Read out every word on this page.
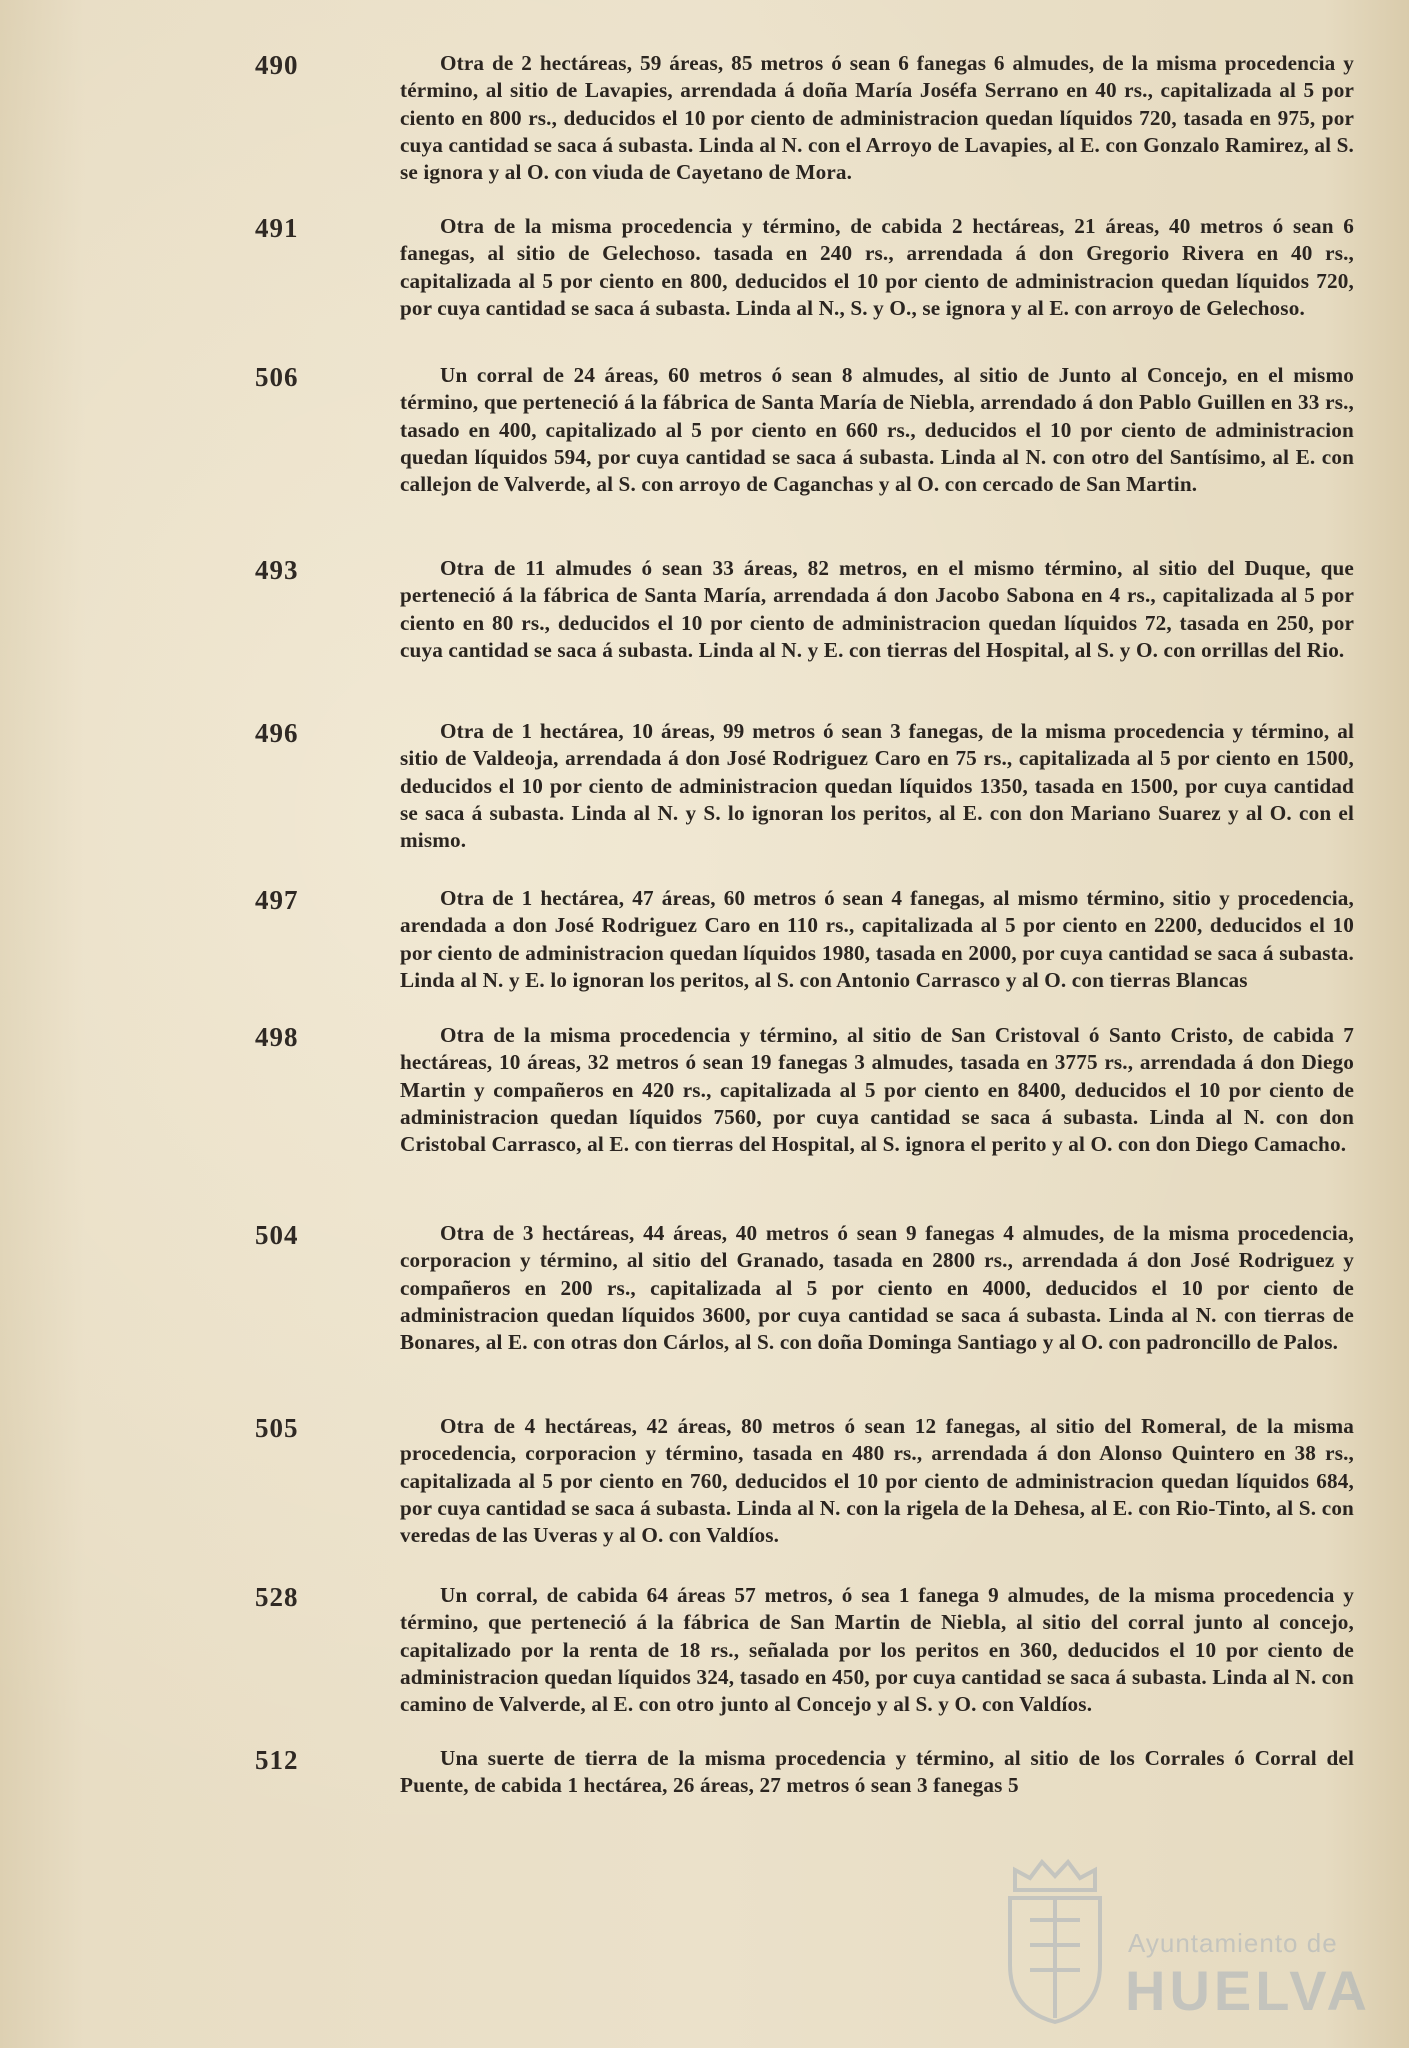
490	Otra de 2 hectáreas, 59 áreas, 85 metros ó sean 6 fanegas 6 almudes, de la misma procedencia y término, al sitio de Lavapies, arrendada á doña María Joséfa Serrano en 40 rs., capitalizada al 5 por ciento en 800 rs., deducidos el 10 por ciento de administracion quedan líquidos 720, tasada en 975, por cuya cantidad se saca á subasta. Linda al N. con el Arroyo de Lavapies, al E. con Gonzalo Ramirez, al S. se ignora y al O. con viuda de Cayetano de Mora.
491	Otra de la misma procedencia y término, de cabida 2 hectáreas, 21 áreas, 40 metros ó sean 6 fanegas, al sitio de Gelechoso. tasada en 240 rs., arrendada á don Gregorio Rivera en 40 rs., capitalizada al 5 por ciento en 800, deducidos el 10 por ciento de administracion quedan líquidos 720, por cuya cantidad se saca á subasta. Linda al N., S. y O., se ignora y al E. con arroyo de Gelechoso.
506	Un corral de 24 áreas, 60 metros ó sean 8 almudes, al sitio de Junto al Concejo, en el mismo término, que perteneció á la fábrica de Santa María de Niebla, arrendado á don Pablo Guillen en 33 rs., tasado en 400, capitalizado al 5 por ciento en 660 rs., deducidos el 10 por ciento de administracion quedan líquidos 594, por cuya cantidad se saca á subasta. Linda al N. con otro del Santísimo, al E. con callejon de Valverde, al S. con arroyo de Caganchas y al O. con cercado de San Martin.
493	Otra de 11 almudes ó sean 33 áreas, 82 metros, en el mismo término, al sitio del Duque, que perteneció á la fábrica de Santa María, arrendada á don Jacobo Sabona en 4 rs., capitalizada al 5 por ciento en 80 rs., deducidos el 10 por ciento de administracion quedan líquidos 72, tasada en 250, por cuya cantidad se saca á subasta. Linda al N. y E. con tierras del Hospital, al S. y O. con orrillas del Rio.
496	Otra de 1 hectárea, 10 áreas, 99 metros ó sean 3 fanegas, de la misma procedencia y término, al sitio de Valdeoja, arrendada á don José Rodriguez Caro en 75 rs., capitalizada al 5 por ciento en 1500, deducidos el 10 por ciento de administracion quedan líquidos 1350, tasada en 1500, por cuya cantidad se saca á subasta. Linda al N. y S. lo ignoran los peritos, al E. con don Mariano Suarez y al O. con el mismo.
497	Otra de 1 hectárea, 47 áreas, 60 metros ó sean 4 fanegas, al mismo término, sitio y procedencia, arendada a don José Rodriguez Caro en 110 rs., capitalizada al 5 por ciento en 2200, deducidos el 10 por ciento de administracion quedan líquidos 1980, tasada en 2000, por cuya cantidad se saca á subasta. Linda al N. y E. lo ignoran los peritos, al S. con Antonio Carrasco y al O. con tierras Blancas
498	Otra de la misma procedencia y término, al sitio de San Cristoval ó Santo Cristo, de cabida 7 hectáreas, 10 áreas, 32 metros ó sean 19 fanegas 3 almudes, tasada en 3775 rs., arrendada á don Diego Martin y compañeros en 420 rs., capitalizada al 5 por ciento en 8400, deducidos el 10 por ciento de administracion quedan líquidos 7560, por cuya cantidad se saca á subasta. Linda al N. con don Cristobal Carrasco, al E. con tierras del Hospital, al S. ignora el perito y al O. con don Diego Camacho.
504	Otra de 3 hectáreas, 44 áreas, 40 metros ó sean 9 fanegas 4 almudes, de la misma procedencia, corporacion y término, al sitio del Granado, tasada en 2800 rs., arrendada á don José Rodriguez y compañeros en 200 rs., capitalizada al 5 por ciento en 4000, deducidos el 10 por ciento de administracion quedan líquidos 3600, por cuya cantidad se saca á subasta. Linda al N. con tierras de Bonares, al E. con otras don Cárlos, al S. con doña Dominga Santiago y al O. con padroncillo de Palos.
505	Otra de 4 hectáreas, 42 áreas, 80 metros ó sean 12 fanegas, al sitio del Romeral, de la misma procedencia, corporacion y término, tasada en 480 rs., arrendada á don Alonso Quintero en 38 rs., capitalizada al 5 por ciento en 760, deducidos el 10 por ciento de administracion quedan líquidos 684, por cuya cantidad se saca á subasta. Linda al N. con la rigela de la Dehesa, al E. con Rio-Tinto, al S. con veredas de las Uveras y al O. con Valdíos.
528	Un corral, de cabida 64 áreas 57 metros, ó sea 1 fanega 9 almudes, de la misma procedencia y término, que perteneció á la fábrica de San Martin de Niebla, al sitio del corral junto al concejo, capitalizado por la renta de 18 rs., señalada por los peritos en 360, deducidos el 10 por ciento de administracion quedan líquidos 324, tasado en 450, por cuya cantidad se saca á subasta. Linda al N. con camino de Valverde, al E. con otro junto al Concejo y al S. y O. con Valdíos.
512	Una suerte de tierra de la misma procedencia y término, al sitio de los Corrales ó Corral del Puente, de cabida 1 hectárea, 26 áreas, 27 metros ó sean 3 fanegas 5
Ayuntamiento de
HUELVA
